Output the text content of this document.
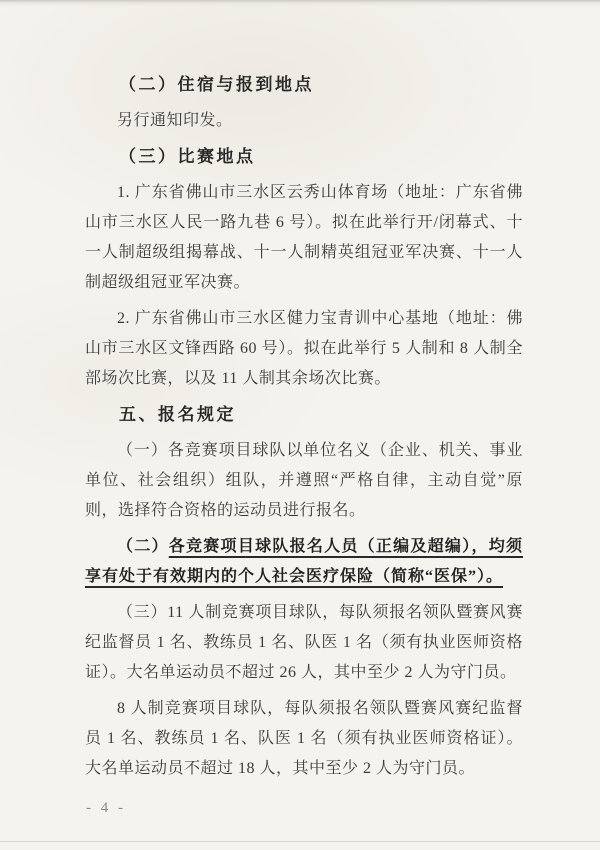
（二）住宿与报到地点

另行通知印发。

（三）比赛地点

1. 广东省佛山市三水区云秀山体育场（地址：广东省佛山市三水区人民一路九巷 6 号）。拟在此举行开/闭幕式、十一人制超级组揭幕战、十一人制精英组冠亚军决赛、十一人制超级组冠亚军决赛。

2. 广东省佛山市三水区健力宝青训中心基地（地址：佛山市三水区文锋西路 60 号）。拟在此举行 5 人制和 8 人制全部场次比赛，以及 11 人制其余场次比赛。

五、报名规定

（一）各竞赛项目球队以单位名义（企业、机关、事业单位、社会组织）组队，并遵照“严格自律，主动自觉”原则，选择符合资格的运动员进行报名。

（二）各竞赛项目球队报名人员（正编及超编），均须享有处于有效期内的个人社会医疗保险（简称“医保”）。

（三）11 人制竞赛项目球队，每队须报名领队暨赛风赛纪监督员 1 名、教练员 1 名、队医 1 名（须有执业医师资格证）。大名单运动员不超过 26 人，其中至少 2 人为守门员。

8 人制竞赛项目球队，每队须报名领队暨赛风赛纪监督员 1 名、教练员 1 名、队医 1 名（须有执业医师资格证）。大名单运动员不超过 18 人，其中至少 2 人为守门员。

- 4 -
